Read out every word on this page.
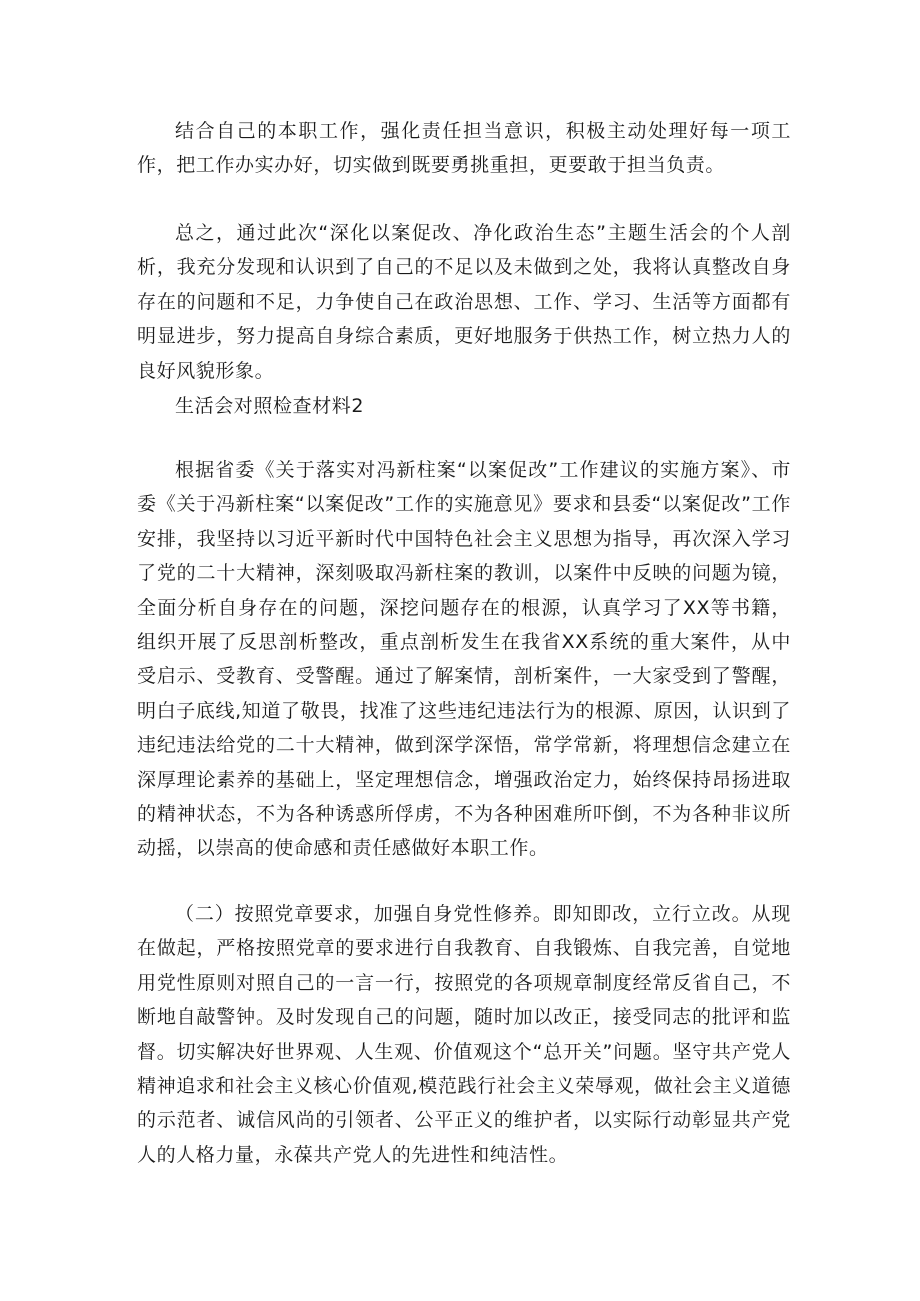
结合自己的本职工作，强化责任担当意识，积极主动处理好每一项工作，把工作办实办好，切实做到既要勇挑重担，更要敢于担当负责。

总之，通过此次“深化以案促改、净化政治生态”主题生活会的个人剖析，我充分发现和认识到了自己的不足以及未做到之处，我将认真整改自身存在的问题和不足，力争使自己在政治思想、工作、学习、生活等方面都有明显进步，努力提高自身综合素质，更好地服务于供热工作，树立热力人的良好风貌形象。

生活会对照检查材料2

根据省委《关于落实对冯新柱案“以案促改”工作建议的实施方案》、市委《关于冯新柱案“以案促改”工作的实施意见》要求和县委“以案促改”工作安排，我坚持以习近平新时代中国特色社会主义思想为指导，再次深入学习了党的二十大精神，深刻吸取冯新柱案的教训，以案件中反映的问题为镜，全面分析自身存在的问题，深挖问题存在的根源，认真学习了XX等书籍，组织开展了反思剖析整改，重点剖析发生在我省XX系统的重大案件，从中受启示、受教育、受警醒。通过了解案情，剖析案件，一大家受到了警醒，明白子底线,知道了敬畏，找准了这些违纪违法行为的根源、原因，认识到了违纪违法给党的二十大精神，做到深学深悟，常学常新，将理想信念建立在深厚理论素养的基础上，坚定理想信念，增强政治定力，始终保持昂扬进取的精神状态，不为各种诱惑所俘虏，不为各种困难所吓倒，不为各种非议所动摇，以崇高的使命感和责任感做好本职工作。

（二）按照党章要求，加强自身党性修养。即知即改，立行立改。从现在做起，严格按照党章的要求进行自我教育、自我锻炼、自我完善，自觉地用党性原则对照自己的一言一行，按照党的各项规章制度经常反省自己，不断地自敲警钟。及时发现自己的问题，随时加以改正，接受同志的批评和监督。切实解决好世界观、人生观、价值观这个“总开关”问题。坚守共产党人精神追求和社会主义核心价值观,模范践行社会主义荣辱观，做社会主义道德的示范者、诚信风尚的引领者、公平正义的维护者，以实际行动彰显共产党人的人格力量，永葆共产党人的先进性和纯洁性。
